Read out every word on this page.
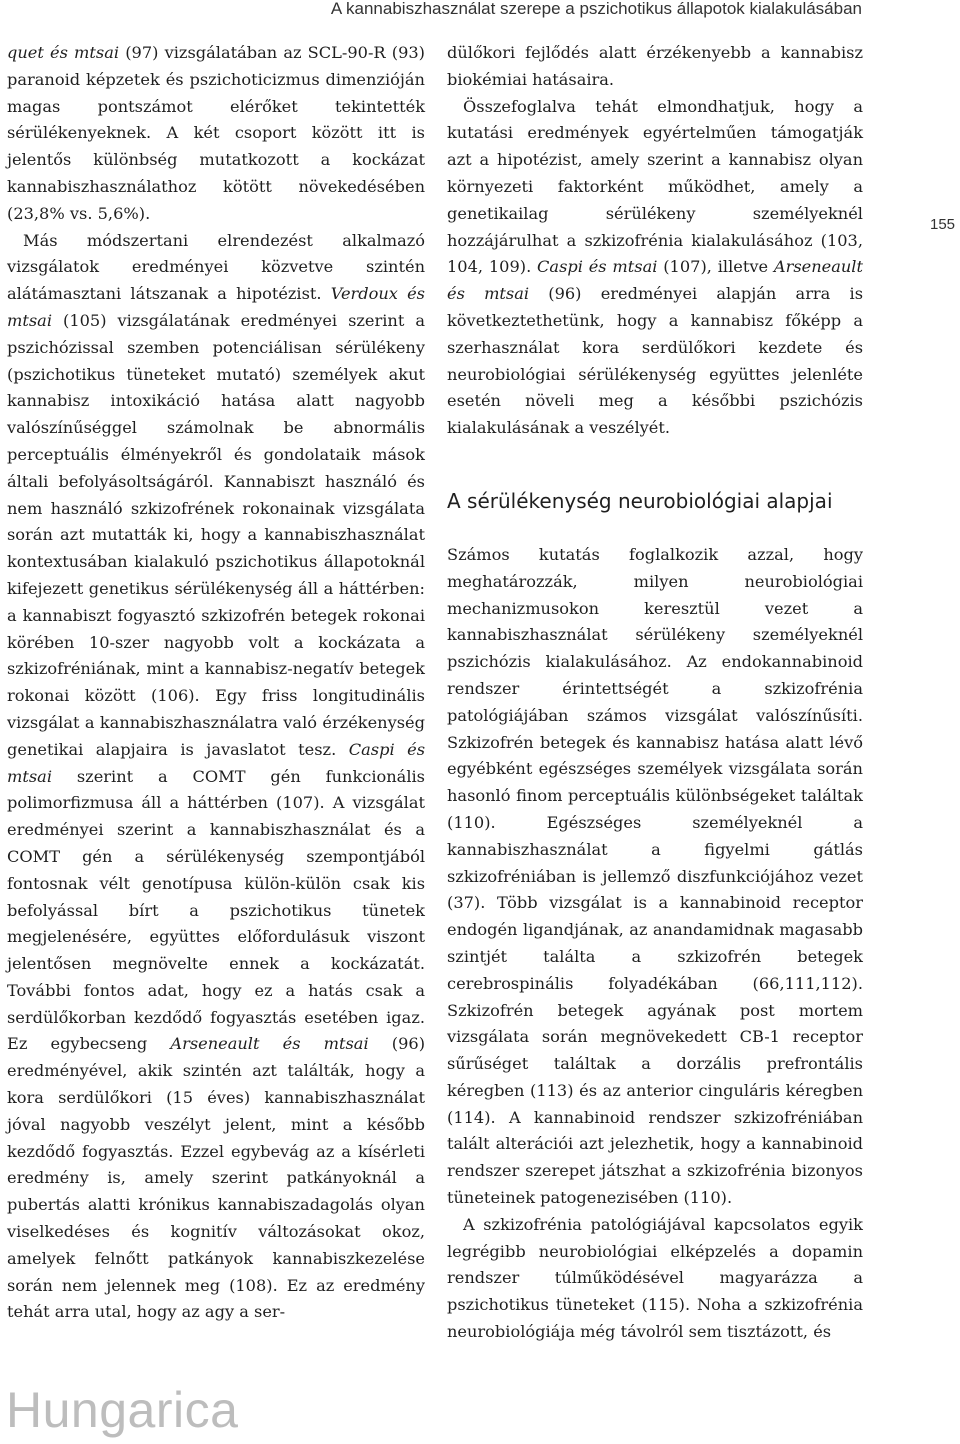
A kannabiszhasználat szerepe a pszichotikus állapotok kialakulásában

quet és mtsai (97) vizsgálatában az SCL-90-R (93) paranoid képzetek és pszichoticizmus dimenzióján magas pontszámot elérőket tekintették sérülékenyeknek. A két csoport között itt is jelentős különbség mutatkozott a kockázat kannabiszhasználathoz kötött növekedésében (23,8% vs. 5,6%).

Más módszertani elrendezést alkalmazó vizsgálatok eredményei közvetve szintén alátámasztani látszanak a hipotézist. Verdoux és mtsai (105) vizsgálatának eredményei szerint a pszichózissal szemben potenciálisan sérülékeny (pszichotikus tüneteket mutató) személyek akut kannabisz intoxikáció hatása alatt nagyobb valószínűséggel számolnak be abnormális perceptuális élményekről és gondolataik mások általi befolyásoltságáról. Kannabiszt használó és nem használó szkizofrének rokonainak vizsgálata során azt mutatták ki, hogy a kannabiszhasználat kontextusában kialakuló pszichotikus állapotoknál kifejezett genetikus sérülékenység áll a háttérben: a kannabiszt fogyasztó szkizofrén betegek rokonai körében 10-szer nagyobb volt a kockázata a szkizofréniának, mint a kannabisz-negatív betegek rokonai között (106). Egy friss longitudinális vizsgálat a kannabiszhasználatra való érzékenység genetikai alapjaira is javaslatot tesz. Caspi és mtsai szerint a COMT gén funkcionális polimorfizmusa áll a háttérben (107). A vizsgálat eredményei szerint a kannabiszhasználat és a COMT gén a sérülékenység szempontjából fontosnak vélt genotípusa külön-külön csak kis befolyással bírt a pszichotikus tünetek megjelenésére, együttes előfordulásuk viszont jelentősen megnövelte ennek a kockázatát. További fontos adat, hogy ez a hatás csak a serdülőkorban kezdődő fogyasztás esetében igaz. Ez egybecseng Arseneault és mtsai (96) eredményével, akik szintén azt találták, hogy a kora serdülőkori (15 éves) kannabiszhasználat jóval nagyobb veszélyt jelent, mint a később kezdődő fogyasztás. Ezzel egybevág az a kísérleti eredmény is, amely szerint patkányoknál a pubertás alatti krónikus kannabiszadagolás olyan viselkedéses és kognitív változásokat okoz, amelyek felnőtt patkányok kannabiszkezelése során nem jelennek meg (108). Ez az eredmény tehát arra utal, hogy az agy a ser-

dülőkori fejlődés alatt érzékenyebb a kannabisz biokémiai hatásaira.

Összefoglalva tehát elmondhatjuk, hogy a kutatási eredmények egyértelműen támogatják azt a hipotézist, amely szerint a kannabisz olyan környezeti faktorként működhet, amely a genetikailag sérülékeny személyeknél hozzájárulhat a szkizofrénia kialakulásához (103, 104, 109). Caspi és mtsai (107), illetve Arseneault és mtsai (96) eredményei alapján arra is következtethetünk, hogy a kannabisz főképp a szerhasználat kora serdülőkori kezdete és neurobiológiai sérülékenység együttes jelenléte esetén növeli meg a későbbi pszichózis kialakulásának a veszélyét.

A sérülékenység neurobiológiai alapjai

Számos kutatás foglalkozik azzal, hogy meghatározzák, milyen neurobiológiai mechanizmusokon keresztül vezet a kannabiszhasználat sérülékeny személyeknél pszichózis kialakulásához. Az endokannabinoid rendszer érintettségét a szkizofrénia patológiájában számos vizsgálat valószínűsíti. Szkizofrén betegek és kannabisz hatása alatt lévő egyébként egészséges személyek vizsgálata során hasonló finom perceptuális különbségeket találtak (110). Egészséges személyeknél a kannabiszhasználat a figyelmi gátlás szkizofréniában is jellemző diszfunkciójához vezet (37). Több vizsgálat is a kannabinoid receptor endogén ligandjának, az anandamidnak magasabb szintjét találta a szkizofrén betegek cerebrospinális folyadékában (66,111,112). Szkizofrén betegek agyának post mortem vizsgálata során megnövekedett CB-1 receptor sűrűséget találtak a dorzális prefrontális kéregben (113) és az anterior cinguláris kéregben (114). A kannabinoid rendszer szkizofréniában talált alterációi azt jelezhetik, hogy a kannabinoid rendszer szerepet játszhat a szkizofrénia bizonyos tüneteinek patogenezisében (110).

A szkizofrénia patológiájával kapcsolatos egyik legrégibb neurobiológiai elképzelés a dopamin rendszer túlműködésével magyarázza a pszichotikus tüneteket (115). Noha a szkizofrénia neurobiológiája még távolról sem tisztázott, és

155
Hungarica
